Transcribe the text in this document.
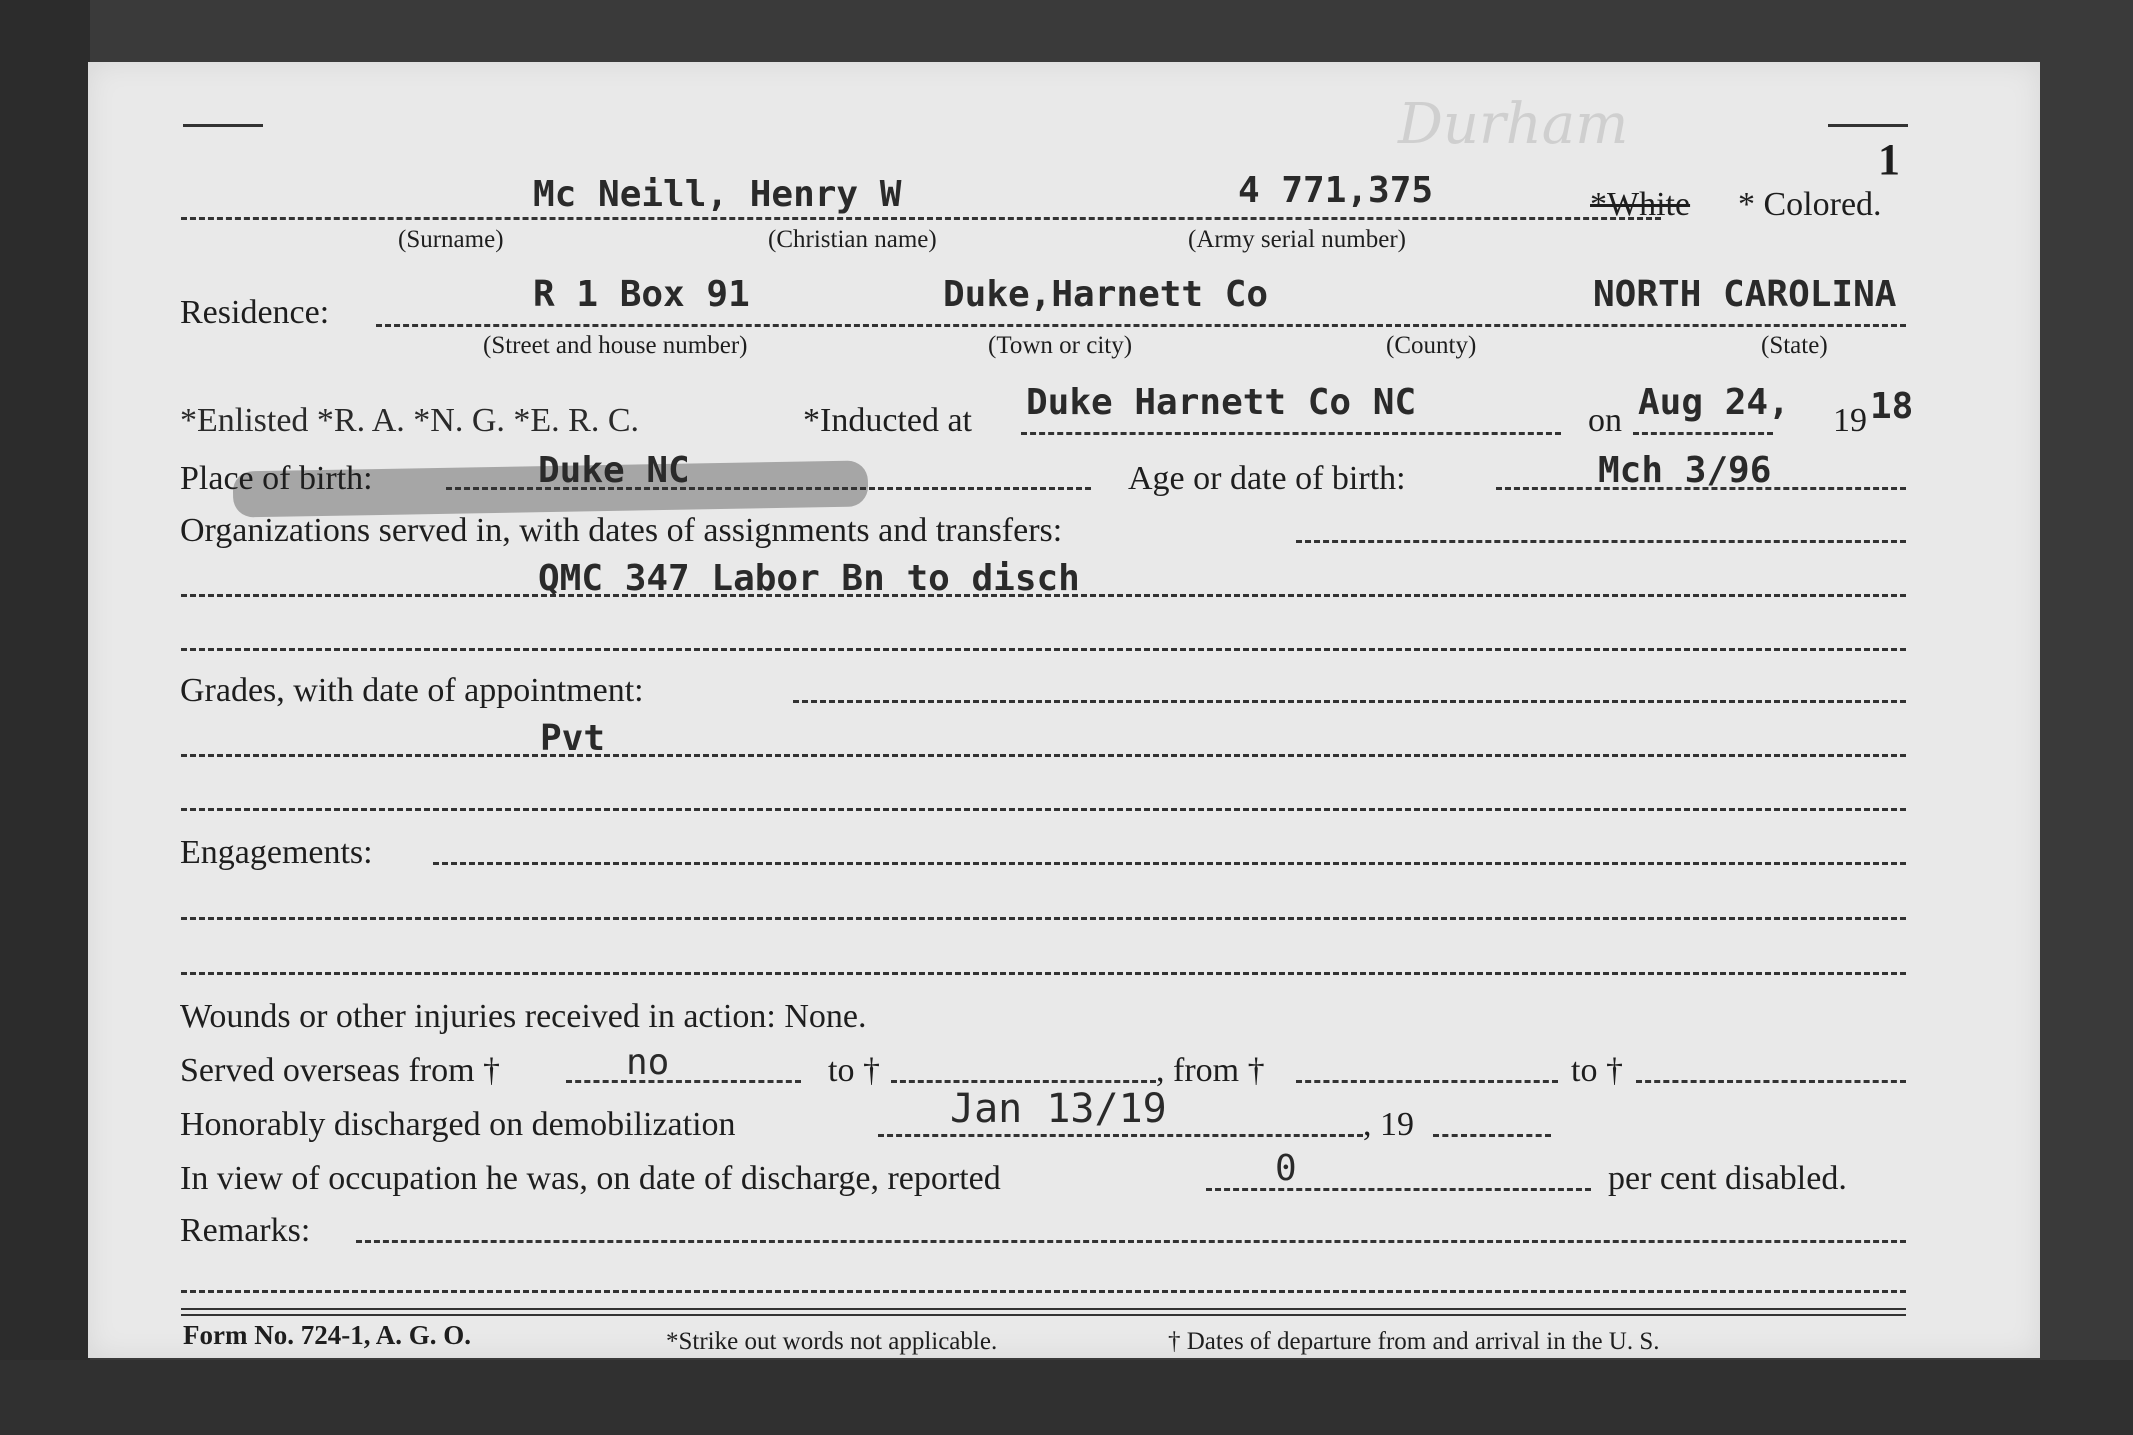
1
Durham
Mc Neill, Henry W	4 771,375	*White * Colored.
(Surname)	(Christian name)	(Army serial number)
Residence:	R 1 Box 91	Duke,Harnett Co	NORTH CAROLINA
(Street and house number)	(Town or city)	(County)	(State)
*Enlisted *R. A. *N. G. *E. R. C.	*Inducted at Duke Harnett Co NC	on Aug 24, 19 18
Place of birth:	Duke NC	Age or date of birth:	Mch 3/96
Organizations served in, with dates of assignments and transfers:
QMC 347 Labor Bn to disch
Grades, with date of appointment:
Pvt
Engagements:
Wounds or other injuries received in action: None.
Served overseas from †	no	to †	, from †	to †
Honorably discharged on demobilization	Jan 13/19	, 19
In view of occupation he was, on date of discharge, reported	0	per cent disabled.
Remarks:
Form No. 724-1, A. G. O.	*Strike out words not applicable.	† Dates of departure from and arrival in the U. S.
